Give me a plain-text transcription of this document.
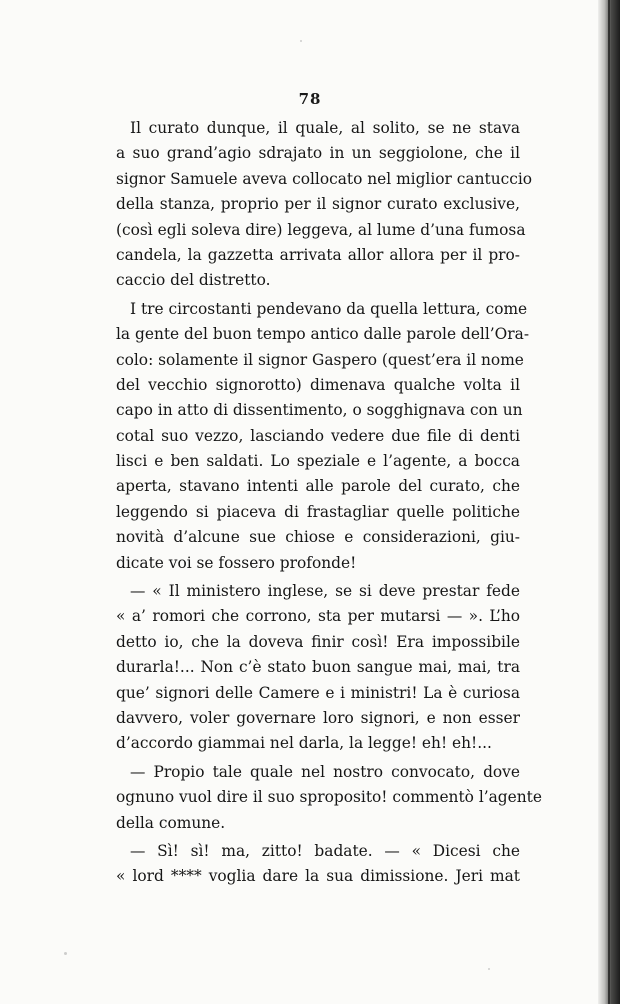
78
Il curato dunque, il quale, al solito, se ne stava
a suo grand’agio sdrajato in un seggiolone, che il
signor Samuele aveva collocato nel miglior cantuccio
della stanza, proprio per il signor curato exclusive,
(così egli soleva dire) leggeva, al lume d’una fumosa
candela, la gazzetta arrivata allor allora per il pro-
caccio del distretto.
I tre circostanti pendevano da quella lettura, come
la gente del buon tempo antico dalle parole dell’Ora-
colo: solamente il signor Gaspero (quest’era il nome
del vecchio signorotto) dimenava qualche volta il
capo in atto di dissentimento, o sogghignava con un
cotal suo vezzo, lasciando vedere due file di denti
lisci e ben saldati. Lo speziale e l’agente, a bocca
aperta, stavano intenti alle parole del curato, che
leggendo si piaceva di frastagliar quelle politiche
novità d’alcune sue chiose e considerazioni, giu-
dicate voi se fossero profonde!
— « Il ministero inglese, se si deve prestar fede
« a’ romori che corrono, sta per mutarsi — ». L’ho
detto io, che la doveva finir così! Era impossibile
durarla!... Non c’è stato buon sangue mai, mai, tra
que’ signori delle Camere e i ministri! La è curiosa
davvero, voler governare loro signori, e non esser
d’accordo giammai nel darla, la legge! eh! eh!...
— Propio tale quale nel nostro convocato, dove
ognuno vuol dire il suo sproposito! commentò l’agente
della comune.
— Sì! sì! ma, zitto! badate. — « Dicesi che
« lord **** voglia dare la sua dimissione. Jeri mat
